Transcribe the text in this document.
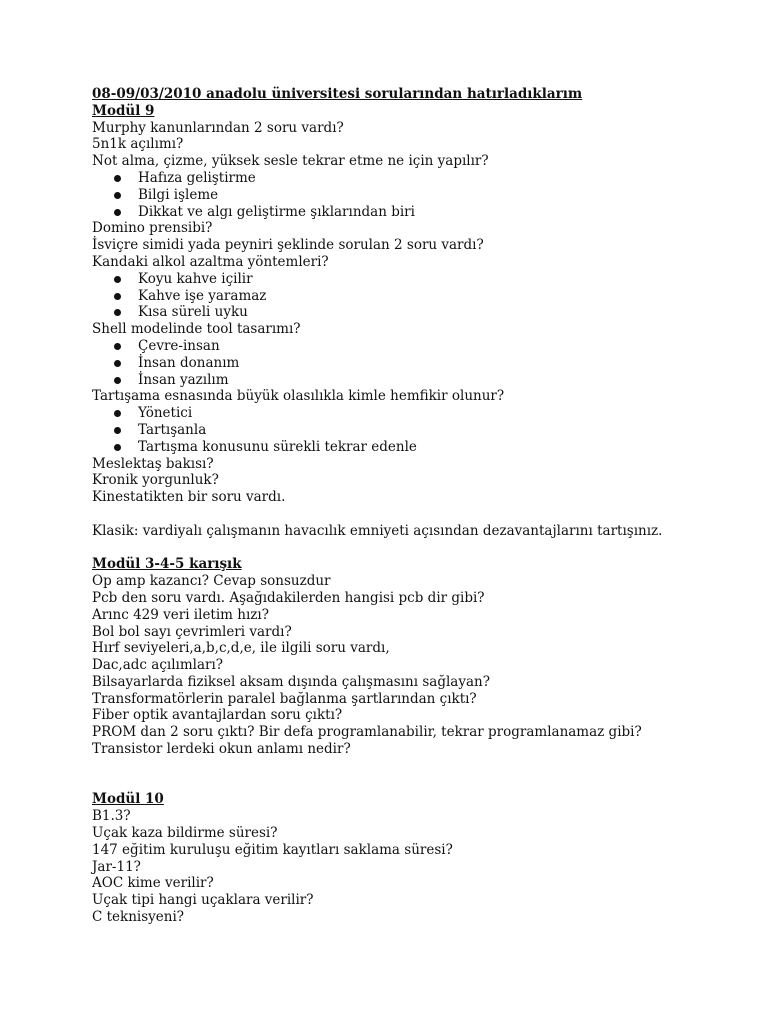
08-09/03/2010 anadolu üniversitesi sorularından hatırladıklarım
Modül 9
Murphy kanunlarından 2 soru vardı?
5n1k açılımı?
Not alma, çizme, yüksek sesle tekrar etme ne için yapılır?
Hafıza geliştirme
Bilgi işleme
Dikkat ve algı geliştirme şıklarından biri
Domino prensibi?
İsviçre simidi yada peyniri şeklinde sorulan 2 soru vardı?
Kandaki alkol azaltma yöntemleri?
Koyu kahve içilir
Kahve işe yaramaz
Kısa süreli uyku
Shell modelinde tool tasarımı?
Çevre-insan
İnsan donanım
İnsan yazılım
Tartışama esnasında büyük olasılıkla kimle hemfikir olunur?
Yönetici
Tartışanla
Tartışma konusunu sürekli tekrar edenle
Meslektaş bakısı?
Kronik yorgunluk?
Kinestatikten bir soru vardı.
Klasik: vardiyalı çalışmanın havacılık emniyeti açısından dezavantajlarını tartışınız.
Modül 3-4-5 karışık
Op amp kazancı? Cevap sonsuzdur
Pcb den soru vardı. Aşağıdakilerden hangisi pcb dir gibi?
Arınc 429 veri iletim hızı?
Bol bol sayı çevrimleri vardı?
Hırf seviyeleri,a,b,c,d,e, ile ilgili soru vardı,
Dac,adc açılımları?
Bilsayarlarda fiziksel aksam dışında çalışmasını sağlayan?
Transformatörlerin paralel bağlanma şartlarından çıktı?
Fiber optik avantajlardan soru çıktı?
PROM dan 2 soru çıktı? Bir defa programlanabilir, tekrar programlanamaz gibi?
Transistor lerdeki okun anlamı nedir?
Modül 10
B1.3?
Uçak kaza bildirme süresi?
147 eğitim kuruluşu eğitim kayıtları saklama süresi?
Jar-11?
AOC kime verilir?
Uçak tipi hangi uçaklara verilir?
C teknisyeni?
